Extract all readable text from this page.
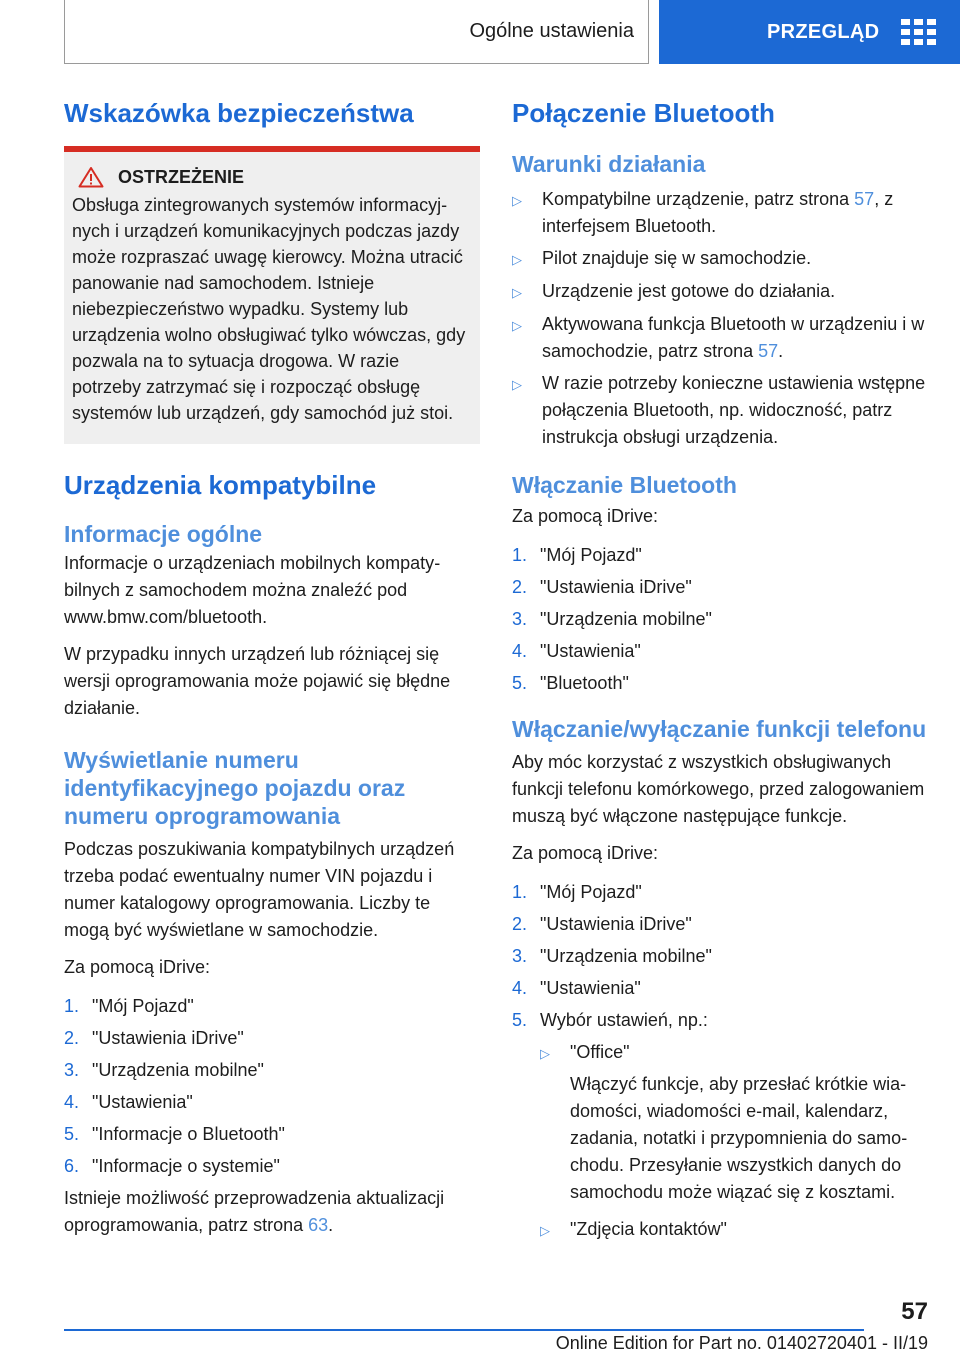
Ogólne ustawienia	PRZEGLĄD
Wskazówka bezpieczeństwa
OSTRZEŻENIE

Obsługa zintegrowanych systemów informacyjnych i urządzeń komunikacyjnych podczas jazdy może rozpraszać uwagę kierowcy. Można utracić panowanie nad samochodem. Istnieje niebezpieczeństwo wypadku. Systemy lub urządzenia wolno obsługiwać tylko wówczas, gdy pozwala na to sytuacja drogowa. W razie potrzeby zatrzymać się i rozpocząć obsługę systemów lub urządzeń, gdy samochód już stoi.

Urządzenia kompatybilne
Informacje ogólne

Informacje o urządzeniach mobilnych kompatybilnych z samochodem można znaleźć pod www.bmw.com/bluetooth.

W przypadku innych urządzeń lub różniącej się wersji oprogramowania może pojawić się błędne działanie.

Wyświetlanie numeru identyfikacyjnego pojazdu oraz numeru oprogramowania

Podczas poszukiwania kompatybilnych urządzeń trzeba podać ewentualny numer VIN pojazdu i numer katalogowy oprogramowania. Liczby te mogą być wyświetlane w samochodzie.

Za pomocą iDrive:

1. "Mój Pojazd"
2. "Ustawienia iDrive"
3. "Urządzenia mobilne"
4. "Ustawienia"
5. "Informacje o Bluetooth"
6. "Informacje o systemie"

Istnieje możliwość przeprowadzenia aktualizacji oprogramowania, patrz strona 63.

Połączenie Bluetooth
Warunki działania
▷	Kompatybilne urządzenie, patrz strona 57, z interfejsem Bluetooth.
▷	Pilot znajduje się w samochodzie.
▷	Urządzenie jest gotowe do działania.
▷	Aktywowana funkcja Bluetooth w urządzeniu i w samochodzie, patrz strona 57.
▷	W razie potrzeby konieczne ustawienia wstępne połączenia Bluetooth, np. widoczność, patrz instrukcja obsługi urządzenia.
Włączanie Bluetooth

Za pomocą iDrive:

1. "Mój Pojazd"
2. "Ustawienia iDrive"
3. "Urządzenia mobilne"
4. "Ustawienia"
5. "Bluetooth"
Włączanie/wyłączanie funkcji telefonu

Aby móc korzystać z wszystkich obsługiwanych funkcji telefonu komórkowego, przed zalogowaniem muszą być włączone następujące funkcje.

Za pomocą iDrive:

1. "Mój Pojazd"
2. "Ustawienia iDrive"
3. "Urządzenia mobilne"
4. "Ustawienia"
5. Wybór ustawień, np.:
▷	"Office"

Włączyć funkcje, aby przesłać krótkie wiadomości, wiadomości e-mail, kalendarz, zadania, notatki i przypomnienia do samochodu. Przesyłanie wszystkich danych do samochodu może wiązać się z kosztami.
▷	"Zdjęcia kontaktów"
57
Online Edition for Part no. 01402720401 - II/19
